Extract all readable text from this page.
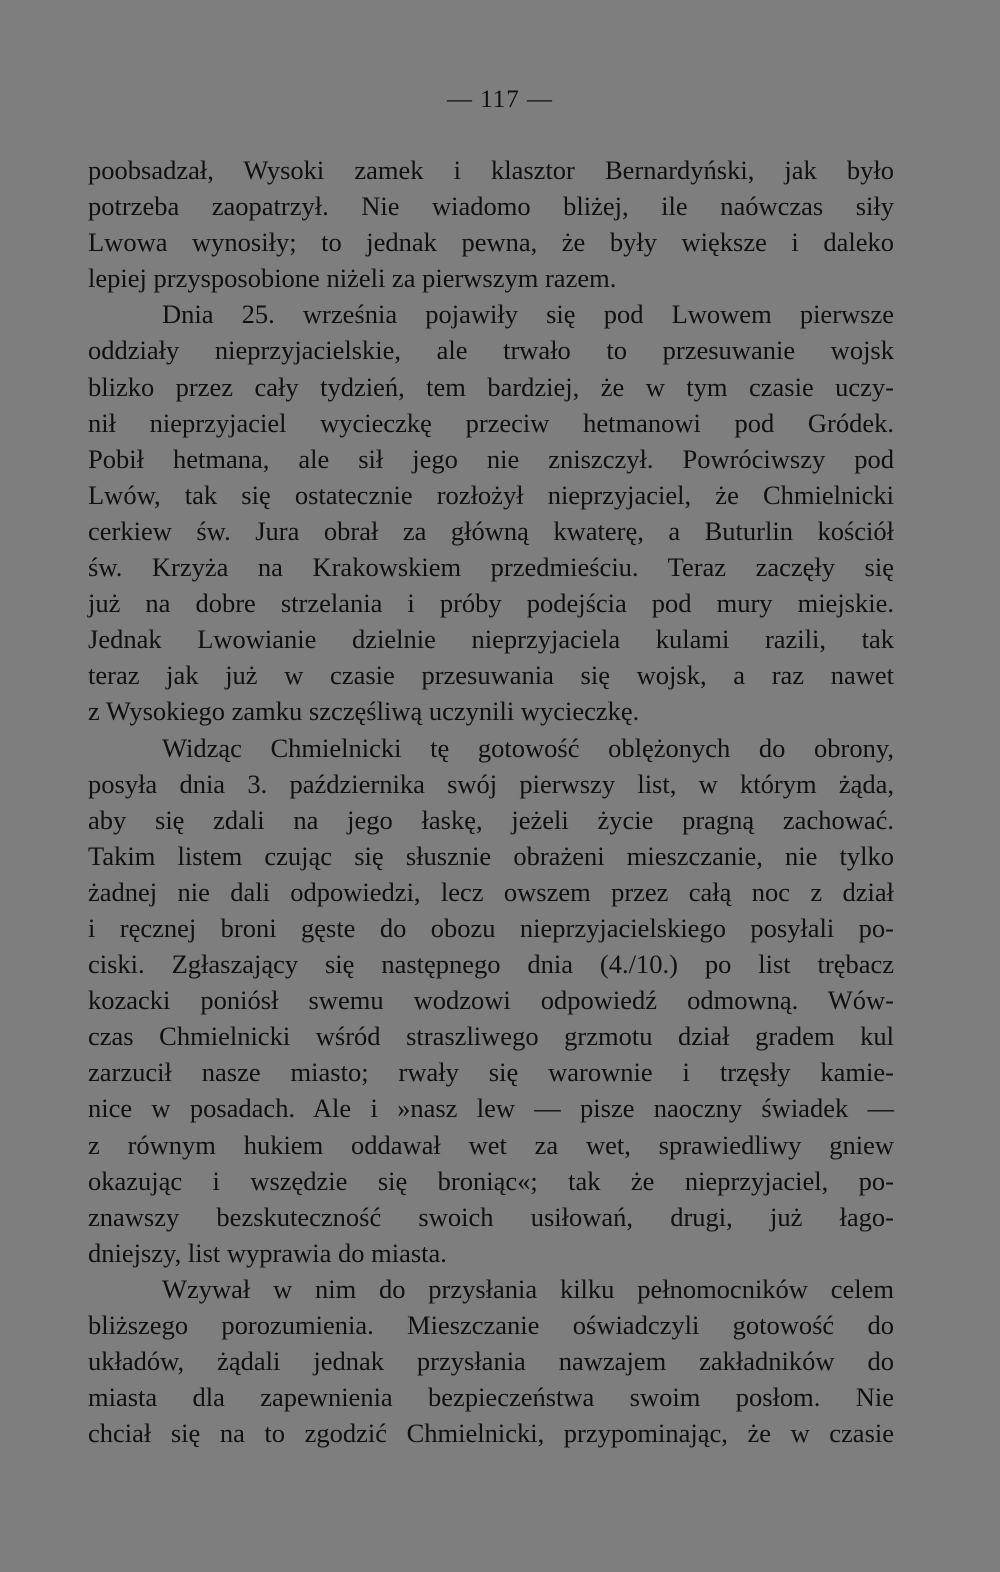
— 117 —
poobsadzał, Wysoki zamek i klasztor Bernardyński, jak było
potrzeba zaopatrzył. Nie wiadomo bliżej, ile naówczas siły
Lwowa wynosiły; to jednak pewna, że były większe i daleko
lepiej przysposobione niżeli za pierwszym razem.
Dnia 25. września pojawiły się pod Lwowem pierwsze
oddziały nieprzyjacielskie, ale trwało to przesuwanie wojsk
blizko przez cały tydzień, tem bardziej, że w tym czasie uczy-
nił nieprzyjaciel wycieczkę przeciw hetmanowi pod Gródek.
Pobił hetmana, ale sił jego nie zniszczył. Powróciwszy pod
Lwów, tak się ostatecznie rozłożył nieprzyjaciel, że Chmielnicki
cerkiew św. Jura obrał za główną kwaterę, a Buturlin kościół
św. Krzyża na Krakowskiem przedmieściu. Teraz zaczęły się
już na dobre strzelania i próby podejścia pod mury miejskie.
Jednak Lwowianie dzielnie nieprzyjaciela kulami razili, tak
teraz jak już w czasie przesuwania się wojsk, a raz nawet
z Wysokiego zamku szczęśliwą uczynili wycieczkę.
Widząc Chmielnicki tę gotowość oblężonych do obrony,
posyła dnia 3. października swój pierwszy list, w którym żąda,
aby się zdali na jego łaskę, jeżeli życie pragną zachować.
Takim listem czując się słusznie obrażeni mieszczanie, nie tylko
żadnej nie dali odpowiedzi, lecz owszem przez całą noc z dział
i ręcznej broni gęste do obozu nieprzyjacielskiego posyłali po-
ciski. Zgłaszający się następnego dnia (4./10.) po list trębacz
kozacki poniósł swemu wodzowi odpowiedź odmowną. Wów-
czas Chmielnicki wśród straszliwego grzmotu dział gradem kul
zarzucił nasze miasto; rwały się warownie i trzęsły kamie-
nice w posadach. Ale i »nasz lew — pisze naoczny świadek —
z równym hukiem oddawał wet za wet, sprawiedliwy gniew
okazując i wszędzie się broniąc«; tak że nieprzyjaciel, po-
znawszy bezskuteczność swoich usiłowań, drugi, już łago-
dniejszy, list wyprawia do miasta.
Wzywał w nim do przysłania kilku pełnomocników celem
bliższego porozumienia. Mieszczanie oświadczyli gotowość do
układów, żądali jednak przysłania nawzajem zakładników do
miasta dla zapewnienia bezpieczeństwa swoim posłom. Nie
chciał się na to zgodzić Chmielnicki, przypominając, że w czasie
